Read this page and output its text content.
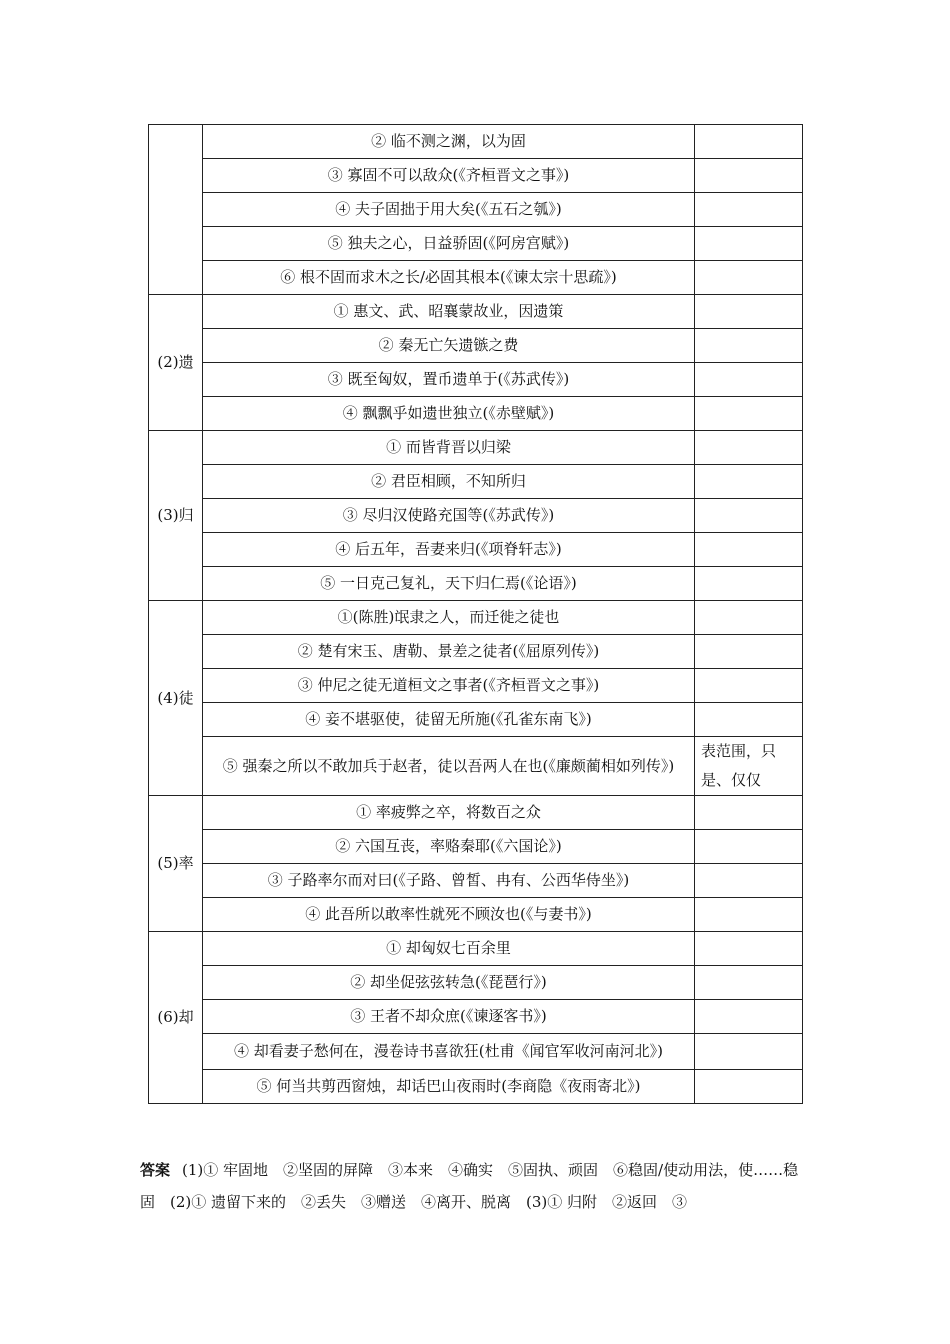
	② 临不测之渊，以为固	
	③ 寡固不可以敌众(《齐桓晋文之事》)	
	④ 夫子固拙于用大矣(《五石之瓠》)	
	⑤ 独夫之心，日益骄固(《阿房宫赋》)	
	⑥ 根不固而求木之长/必固其根本(《谏太宗十思疏》)	
(2)遗	① 惠文、武、昭襄蒙故业，因遗策	
	② 秦无亡矢遗镞之费	
	③ 既至匈奴，置币遗单于(《苏武传》)	
	④ 飘飘乎如遗世独立(《赤壁赋》)	
(3)归	① 而皆背晋以归梁	
	② 君臣相顾，不知所归	
	③ 尽归汉使路充国等(《苏武传》)	
	④ 后五年，吾妻来归(《项脊轩志》)	
	⑤ 一日克己复礼，天下归仁焉(《论语》)	
(4)徒	①(陈胜)氓隶之人，而迁徙之徒也	
	② 楚有宋玉、唐勒、景差之徒者(《屈原列传》)	
	③ 仲尼之徒无道桓文之事者(《齐桓晋文之事》)	
	④ 妾不堪驱使，徒留无所施(《孔雀东南飞》)	
	⑤ 强秦之所以不敢加兵于赵者，徒以吾两人在也(《廉颇蔺相如列传》)	表范围，只是、仅仅
(5)率	① 率疲弊之卒，将数百之众	
	② 六国互丧，率赂秦耶(《六国论》)	
	③ 子路率尔而对曰(《子路、曾皙、冉有、公西华侍坐》)	
	④ 此吾所以敢率性就死不顾汝也(《与妻书》)	
(6)却	① 却匈奴七百余里	
	② 却坐促弦弦转急(《琵琶行》)	
	③ 王者不却众庶(《谏逐客书》)	
	④ 却看妻子愁何在，漫卷诗书喜欲狂(杜甫《闻官军收河南河北》)	
	⑤ 何当共剪西窗烛，却话巴山夜雨时(李商隐《夜雨寄北》)	
答案 (1)① 牢固地　②坚固的屏障　③本来　④确实　⑤固执、顽固　⑥稳固/使动用法，使……稳固　(2)① 遗留下来的　②丢失　③赠送　④离开、脱离　(3)① 归附　②返回　③
